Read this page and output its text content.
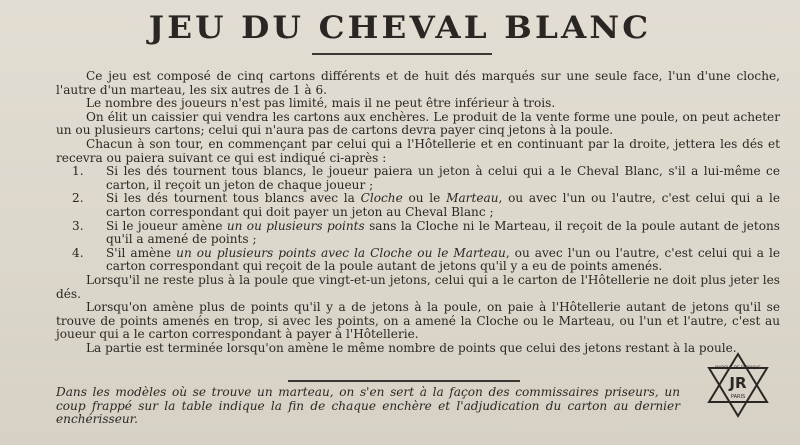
JEU DU CHEVAL BLANC

Ce jeu est composé de cinq cartons différents et de huit dés marqués sur une seule face, l'un d'une cloche, l'autre d'un marteau, les six autres de 1 à 6.

Le nombre des joueurs n'est pas limité, mais il ne peut être inférieur à trois.

On élit un caissier qui vendra les cartons aux enchères. Le produit de la vente forme une poule, on peut acheter un ou plusieurs cartons; celui qui n'aura pas de cartons devra payer cinq jetons à la poule.

Chacun à son tour, en commençant par celui qui a l'Hôtellerie et en continuant par la droite, jettera les dés et recevra ou paiera suivant ce qui est indiqué ci-après :

1. Si les dés tournent tous blancs, le joueur paiera un jeton à celui qui a le Cheval Blanc, s'il a lui-même ce carton, il reçoit un jeton de chaque joueur ;
2. Si les dés tournent tous blancs avec la Cloche ou le Marteau, ou avec l'un ou l'autre, c'est celui qui a le carton correspondant qui doit payer un jeton au Cheval Blanc ;
3. Si le joueur amène un ou plusieurs points sans la Cloche ni le Marteau, il reçoit de la poule autant de jetons qu'il a amené de points ;
4. S'il amène un ou plusieurs points avec la Cloche ou le Marteau, ou avec l'un ou l'autre, c'est celui qui a le carton correspondant qui reçoit de la poule autant de jetons qu'il y a eu de points amenés.

Lorsqu'il ne reste plus à la poule que vingt-et-un jetons, celui qui a le carton de l'Hôtellerie ne doit plus jeter les dés.

Lorsqu'on amène plus de points qu'il y a de jetons à la poule, on paie à l'Hôtellerie autant de jetons qu'il se trouve de points amenés en trop, si avec les points, on a amené la Cloche ou le Marteau, ou l'un et l'autre, c'est au joueur qui a le carton correspondant à payer à l'Hôtellerie.

La partie est terminée lorsqu'on amène le même nombre de points que celui des jetons restant à la poule.

Dans les modèles où se trouve un marteau, on s'en sert à la façon des commissaires priseurs, un coup frappé sur la table indique la fin de chaque enchère et l'adjudication du carton au dernier enchérisseur.
MARQUE DE FABRIQUE
JR
PARIS
